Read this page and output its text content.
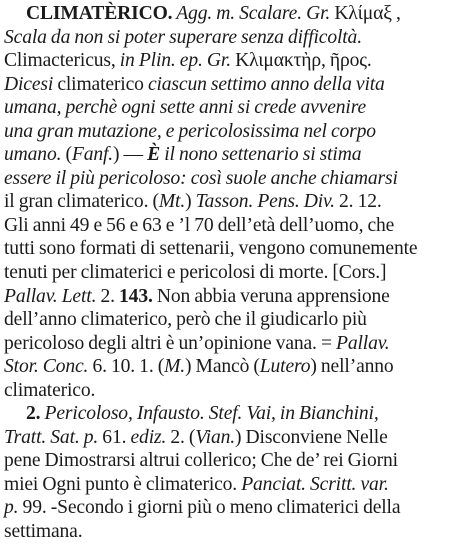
CLIMATÈRICO. Agg. m. Scalare. Gr. Κλίμαξ ,
Scala da non si poter superare senza difficoltà.
Climactericus, in Plin. ep. Gr. Κλιμακτὴρ, ῆρος.
Dicesi climaterico ciascun settimo anno della vita
umana, perchè ogni sette anni si crede avvenire
una gran mutazione, e pericolosissima nel corpo
umano. (Fanf.) — È il nono settenario si stima
essere il più pericoloso: così suole anche chiamarsi
il gran climaterico. (Mt.) Tasson. Pens. Div. 2. 12.
Gli anni 49 e 56 e 63 e ’l 70 dell’età dell’uomo, che
tutti sono formati di settenarii, vengono comunemente
tenuti per climaterici e pericolosi di morte. [Cors.]
Pallav. Lett. 2. 143. Non abbia veruna apprensione
dell’anno climaterico, però che il giudicarlo più
pericoloso degli altri è un’opinione vana. = Pallav.
Stor. Conc. 6. 10. 1. (M.) Mancò (Lutero) nell’anno
climaterico.
2. Pericoloso, Infausto. Stef. Vai, in Bianchini,
Tratt. Sat. p. 61. ediz. 2. (Vian.) Disconviene Nelle
pene Dimostrarsi altrui collerico; Che de’ rei Giorni
miei Ogni punto è climaterico. Panciat. Scritt. var.
p. 99. -Secondo i giorni più o meno climaterici della
settimana.
